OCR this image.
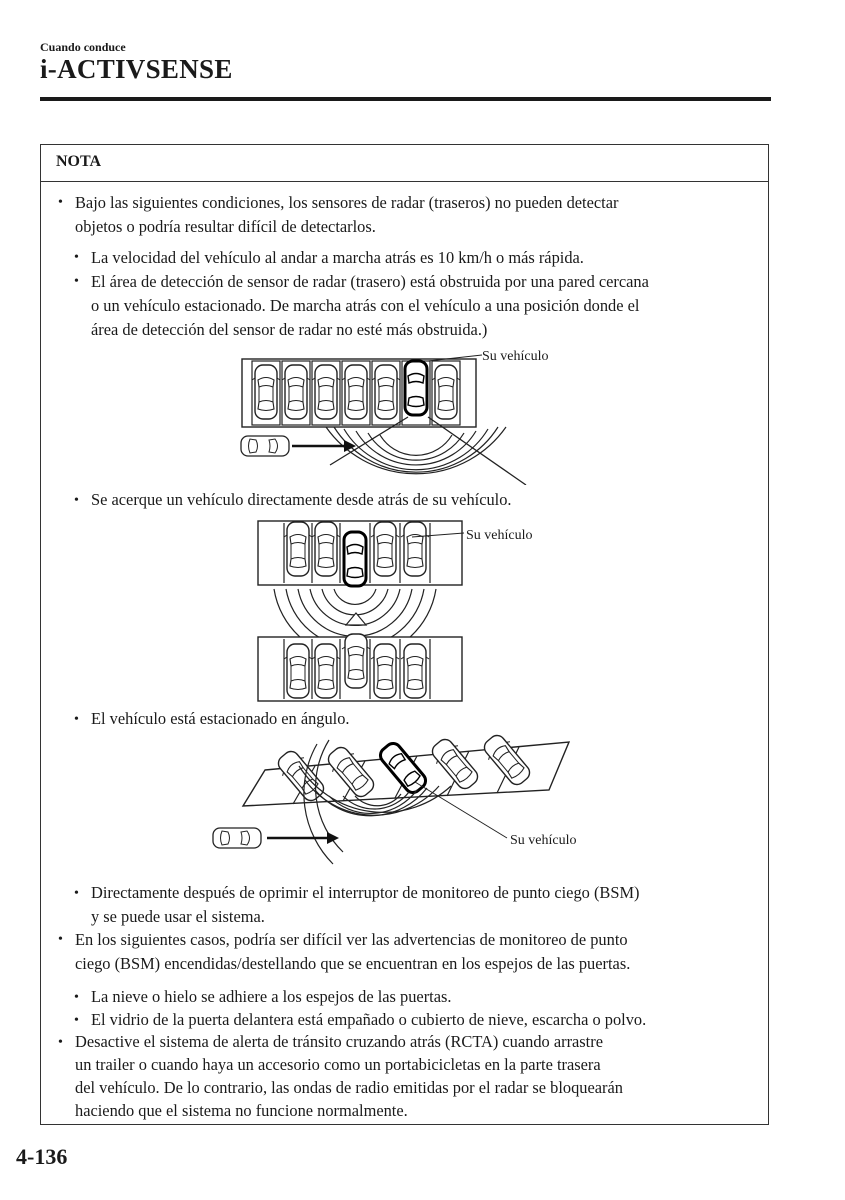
Cuando conduce
i-ACTIVSENSE
NOTA
• Bajo las siguientes condiciones, los sensores de radar (traseros) no pueden detectar
objetos o podría resultar difícil de detectarlos.
• La velocidad del vehículo al andar a marcha atrás es 10 km/h o más rápida.
• El área de detección de sensor de radar (trasero) está obstruida por una pared cercana
o un vehículo estacionado. De marcha atrás con el vehículo a una posición donde el
área de detección del sensor de radar no esté más obstruida.)
Su vehículo
• Se acerque un vehículo directamente desde atrás de su vehículo.
Su vehículo
• El vehículo está estacionado en ángulo.
Su vehículo
• Directamente después de oprimir el interruptor de monitoreo de punto ciego (BSM)
y se puede usar el sistema.
• En los siguientes casos, podría ser difícil ver las advertencias de monitoreo de punto
ciego (BSM) encendidas/destellando que se encuentran en los espejos de las puertas.
• La nieve o hielo se adhiere a los espejos de las puertas.
• El vidrio de la puerta delantera está empañado o cubierto de nieve, escarcha o polvo.
• Desactive el sistema de alerta de tránsito cruzando atrás (RCTA) cuando arrastre
un trailer o cuando haya un accesorio como un portabicicletas en la parte trasera
del vehículo. De lo contrario, las ondas de radio emitidas por el radar se bloquearán
haciendo que el sistema no funcione normalmente.
4-136
